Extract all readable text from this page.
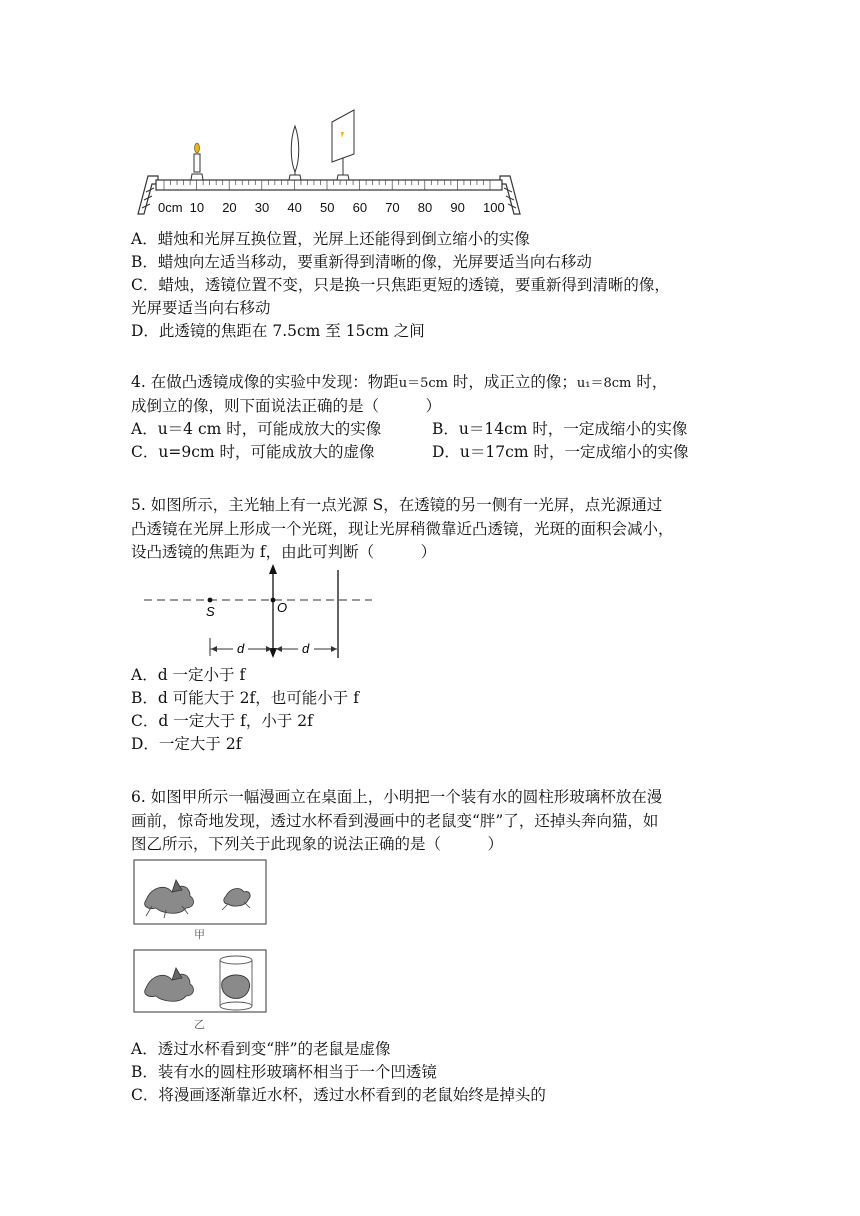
0cm 10 20 30 40 50 60 70 80 90 100
A．蜡烛和光屏互换位置，光屏上还能得到倒立缩小的实像
B．蜡烛向左适当移动，要重新得到清晰的像，光屏要适当向右移动
C．蜡烛，透镜位置不变，只是换一只焦距更短的透镜，要重新得到清晰的像，
光屏要适当向右移动
D．此透镜的焦距在 7.5cm 至 15cm 之间
4. 在做凸透镜成像的实验中发现：物距u＝5cm 时，成正立的像；u₁＝8cm 时，
成倒立的像，则下面说法正确的是（　　　）
A．u＝4 cm 时，可能成放大的实像	B．u＝14cm 时，一定成缩小的实像
C．u=9cm 时，可能成放大的虚像	D．u＝17cm 时，一定成缩小的实像
5. 如图所示，主光轴上有一点光源 S，在透镜的另一侧有一光屏，点光源通过
凸透镜在光屏上形成一个光斑，现让光屏稍微靠近凸透镜，光斑的面积会减小，
设凸透镜的焦距为 f，由此可判断（　　　）
S	O
d	d
A．d 一定小于 f
B．d 可能大于 2f，也可能小于 f
C．d 一定大于 f，小于 2f
D．一定大于 2f
6. 如图甲所示一幅漫画立在桌面上，小明把一个装有水的圆柱形玻璃杯放在漫
画前，惊奇地发现，透过水杯看到漫画中的老鼠变“胖”了，还掉头奔向猫，如
图乙所示，下列关于此现象的说法正确的是（　　　）
甲
乙
A．透过水杯看到变“胖”的老鼠是虚像
B．装有水的圆柱形玻璃杯相当于一个凹透镜
C．将漫画逐渐靠近水杯，透过水杯看到的老鼠始终是掉头的
